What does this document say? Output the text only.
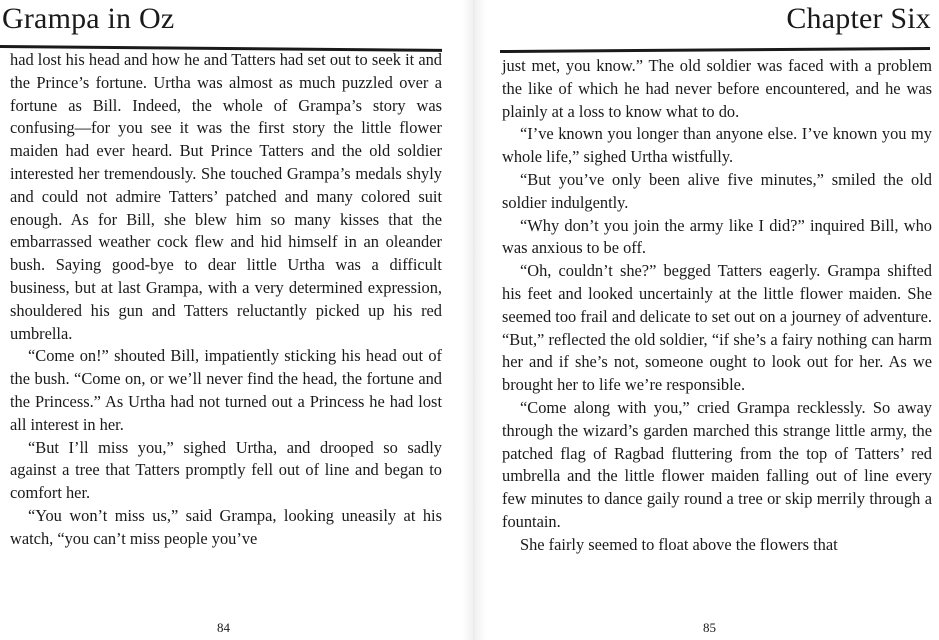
Grampa in Oz

had lost his head and how he and Tatters had set out to seek it and the Prince’s fortune. Urtha was almost as much puzzled over a fortune as Bill. Indeed, the whole of Grampa’s story was confusing—for you see it was the first story the little flower maiden had ever heard. But Prince Tatters and the old soldier interested her tremendously. She touched Grampa’s medals shyly and could not admire Tatters’ patched and many colored suit enough. As for Bill, she blew him so many kisses that the embarrassed weather cock flew and hid himself in an oleander bush. Saying good-bye to dear little Urtha was a difficult business, but at last Grampa, with a very determined expression, shouldered his gun and Tatters reluctantly picked up his red umbrella.

“Come on!” shouted Bill, impatiently sticking his head out of the bush. “Come on, or we’ll never find the head, the fortune and the Princess.” As Urtha had not turned out a Princess he had lost all interest in her.

“But I’ll miss you,” sighed Urtha, and drooped so sadly against a tree that Tatters promptly fell out of line and began to comfort her.

“You won’t miss us,” said Grampa, looking uneasily at his watch, “you can’t miss people you’ve

84
Chapter Six

just met, you know.” The old soldier was faced with a problem the like of which he had never before encountered, and he was plainly at a loss to know what to do.

“I’ve known you longer than anyone else. I’ve known you my whole life,” sighed Urtha wistfully.

“But you’ve only been alive five minutes,” smiled the old soldier indulgently.

“Why don’t you join the army like I did?” inquired Bill, who was anxious to be off.

“Oh, couldn’t she?” begged Tatters eagerly. Grampa shifted his feet and looked uncertainly at the little flower maiden. She seemed too frail and delicate to set out on a journey of adventure. “But,” reflected the old soldier, “if she’s a fairy nothing can harm her and if she’s not, someone ought to look out for her. As we brought her to life we’re responsible.

“Come along with you,” cried Grampa recklessly. So away through the wizard’s garden marched this strange little army, the patched flag of Ragbad fluttering from the top of Tatters’ red umbrella and the little flower maiden falling out of line every few minutes to dance gaily round a tree or skip merrily through a fountain.

She fairly seemed to float above the flowers that

85
